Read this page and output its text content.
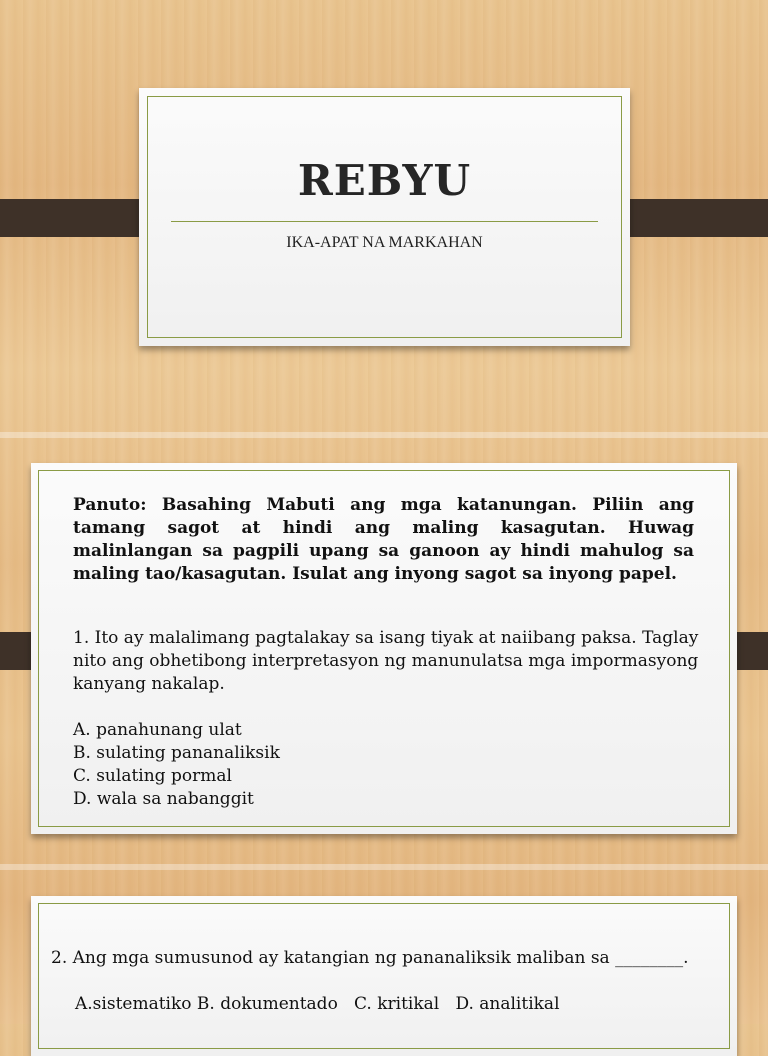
REBYU
IKA-APAT NA MARKAHAN
Panuto: Basahing Mabuti ang mga katanungan. Piliin ang tamang sagot at hindi ang maling kasagutan. Huwag malinlangan sa pagpili upang sa ganoon ay hindi mahulog sa maling tao/kasagutan. Isulat ang inyong sagot sa inyong papel.
1. Ito ay malalimang pagtalakay sa isang tiyak at naiibang paksa. Taglay nito ang obhetibong interpretasyon ng manunulatsa mga impormasyong kanyang nakalap.
A. panahunang ulat
B. sulating pananaliksik
C. sulating pormal
D. wala sa nabanggit
2. Ang mga sumusunod ay katangian ng pananaliksik maliban sa ________.
A.sistematiko B. dokumentado   C. kritikal   D. analitikal
